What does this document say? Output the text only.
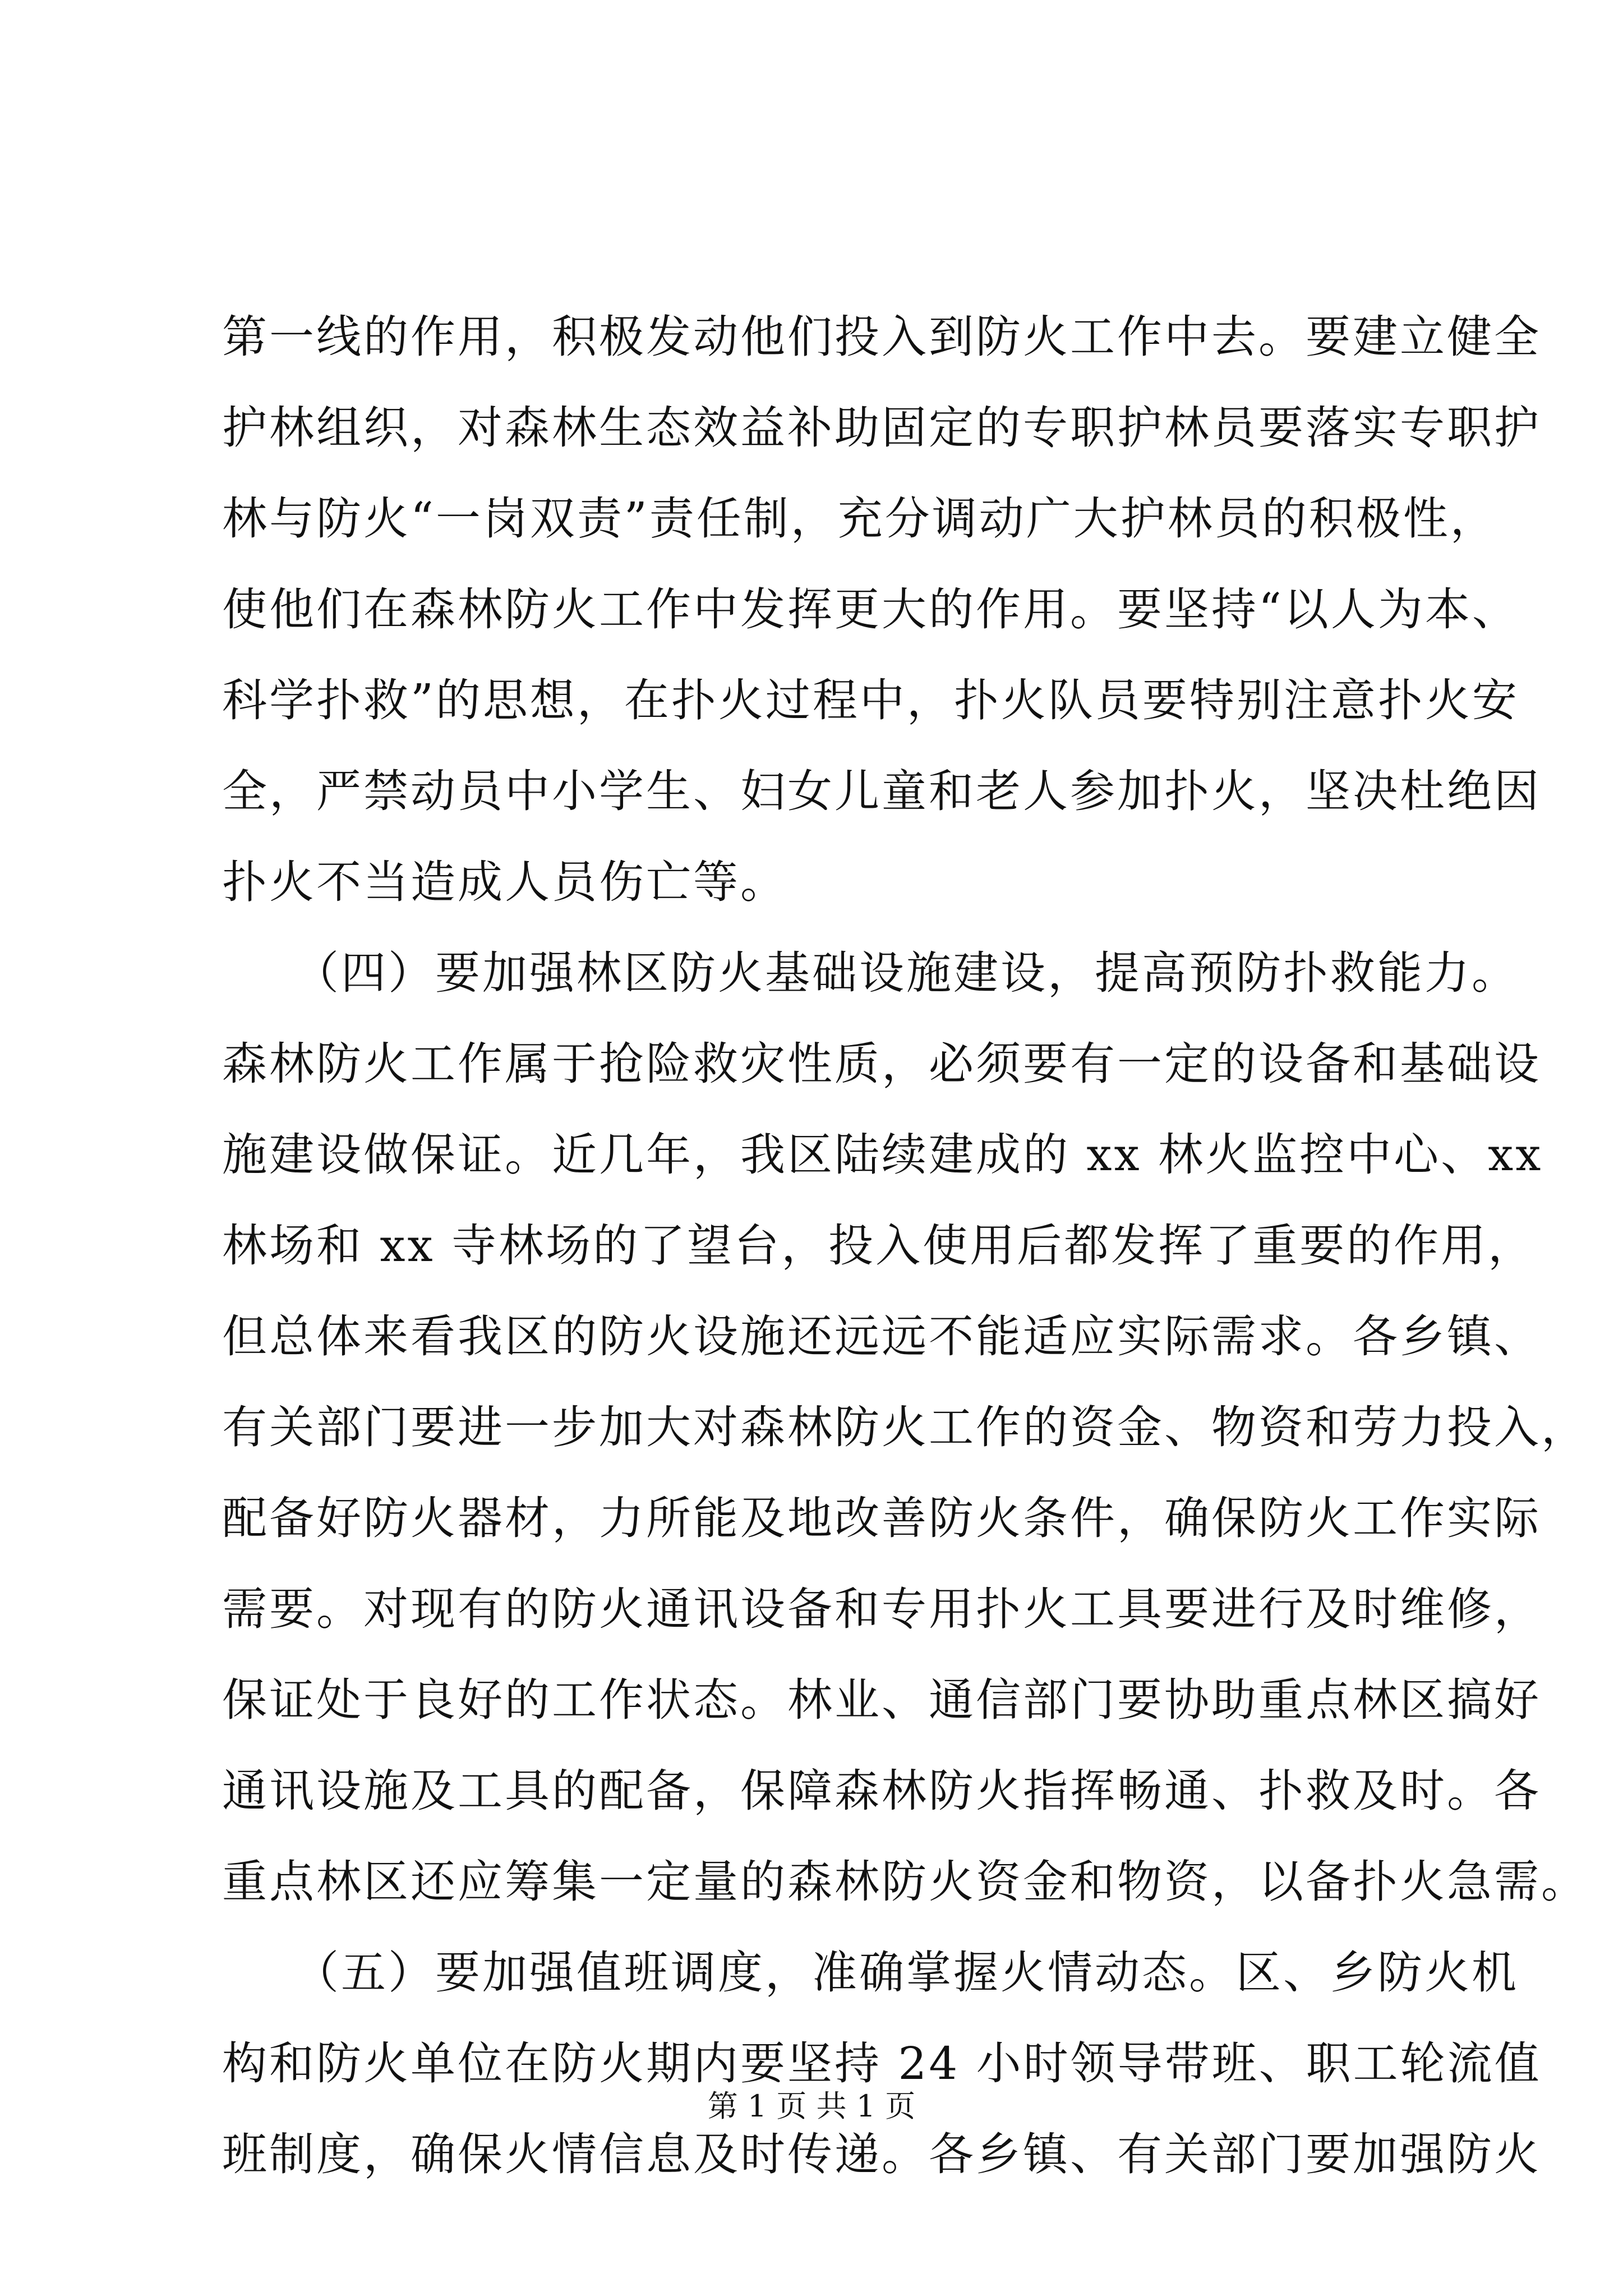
第一线的作用，积极发动他们投入到防火工作中去。要建立健全
护林组织，对森林生态效益补助固定的专职护林员要落实专职护
林与防火“一岗双责”责任制，充分调动广大护林员的积极性，
使他们在森林防火工作中发挥更大的作用。要坚持“以人为本、
科学扑救”的思想，在扑火过程中，扑火队员要特别注意扑火安
全，严禁动员中小学生、妇女儿童和老人参加扑火，坚决杜绝因
扑火不当造成人员伤亡等。
　　（四）要加强林区防火基础设施建设，提高预防扑救能力。
森林防火工作属于抢险救灾性质，必须要有一定的设备和基础设
施建设做保证。近几年，我区陆续建成的 xx 林火监控中心、xx
林场和 xx 寺林场的了望台，投入使用后都发挥了重要的作用，
但总体来看我区的防火设施还远远不能适应实际需求。各乡镇、
有关部门要进一步加大对森林防火工作的资金、物资和劳力投入，
配备好防火器材，力所能及地改善防火条件，确保防火工作实际
需要。对现有的防火通讯设备和专用扑火工具要进行及时维修，
保证处于良好的工作状态。林业、通信部门要协助重点林区搞好
通讯设施及工具的配备，保障森林防火指挥畅通、扑救及时。各
重点林区还应筹集一定量的森林防火资金和物资，以备扑火急需。
　　（五）要加强值班调度，准确掌握火情动态。区、乡防火机
构和防火单位在防火期内要坚持 24 小时领导带班、职工轮流值
班制度，确保火情信息及时传递。各乡镇、有关部门要加强防火
第 1 页 共 1 页
